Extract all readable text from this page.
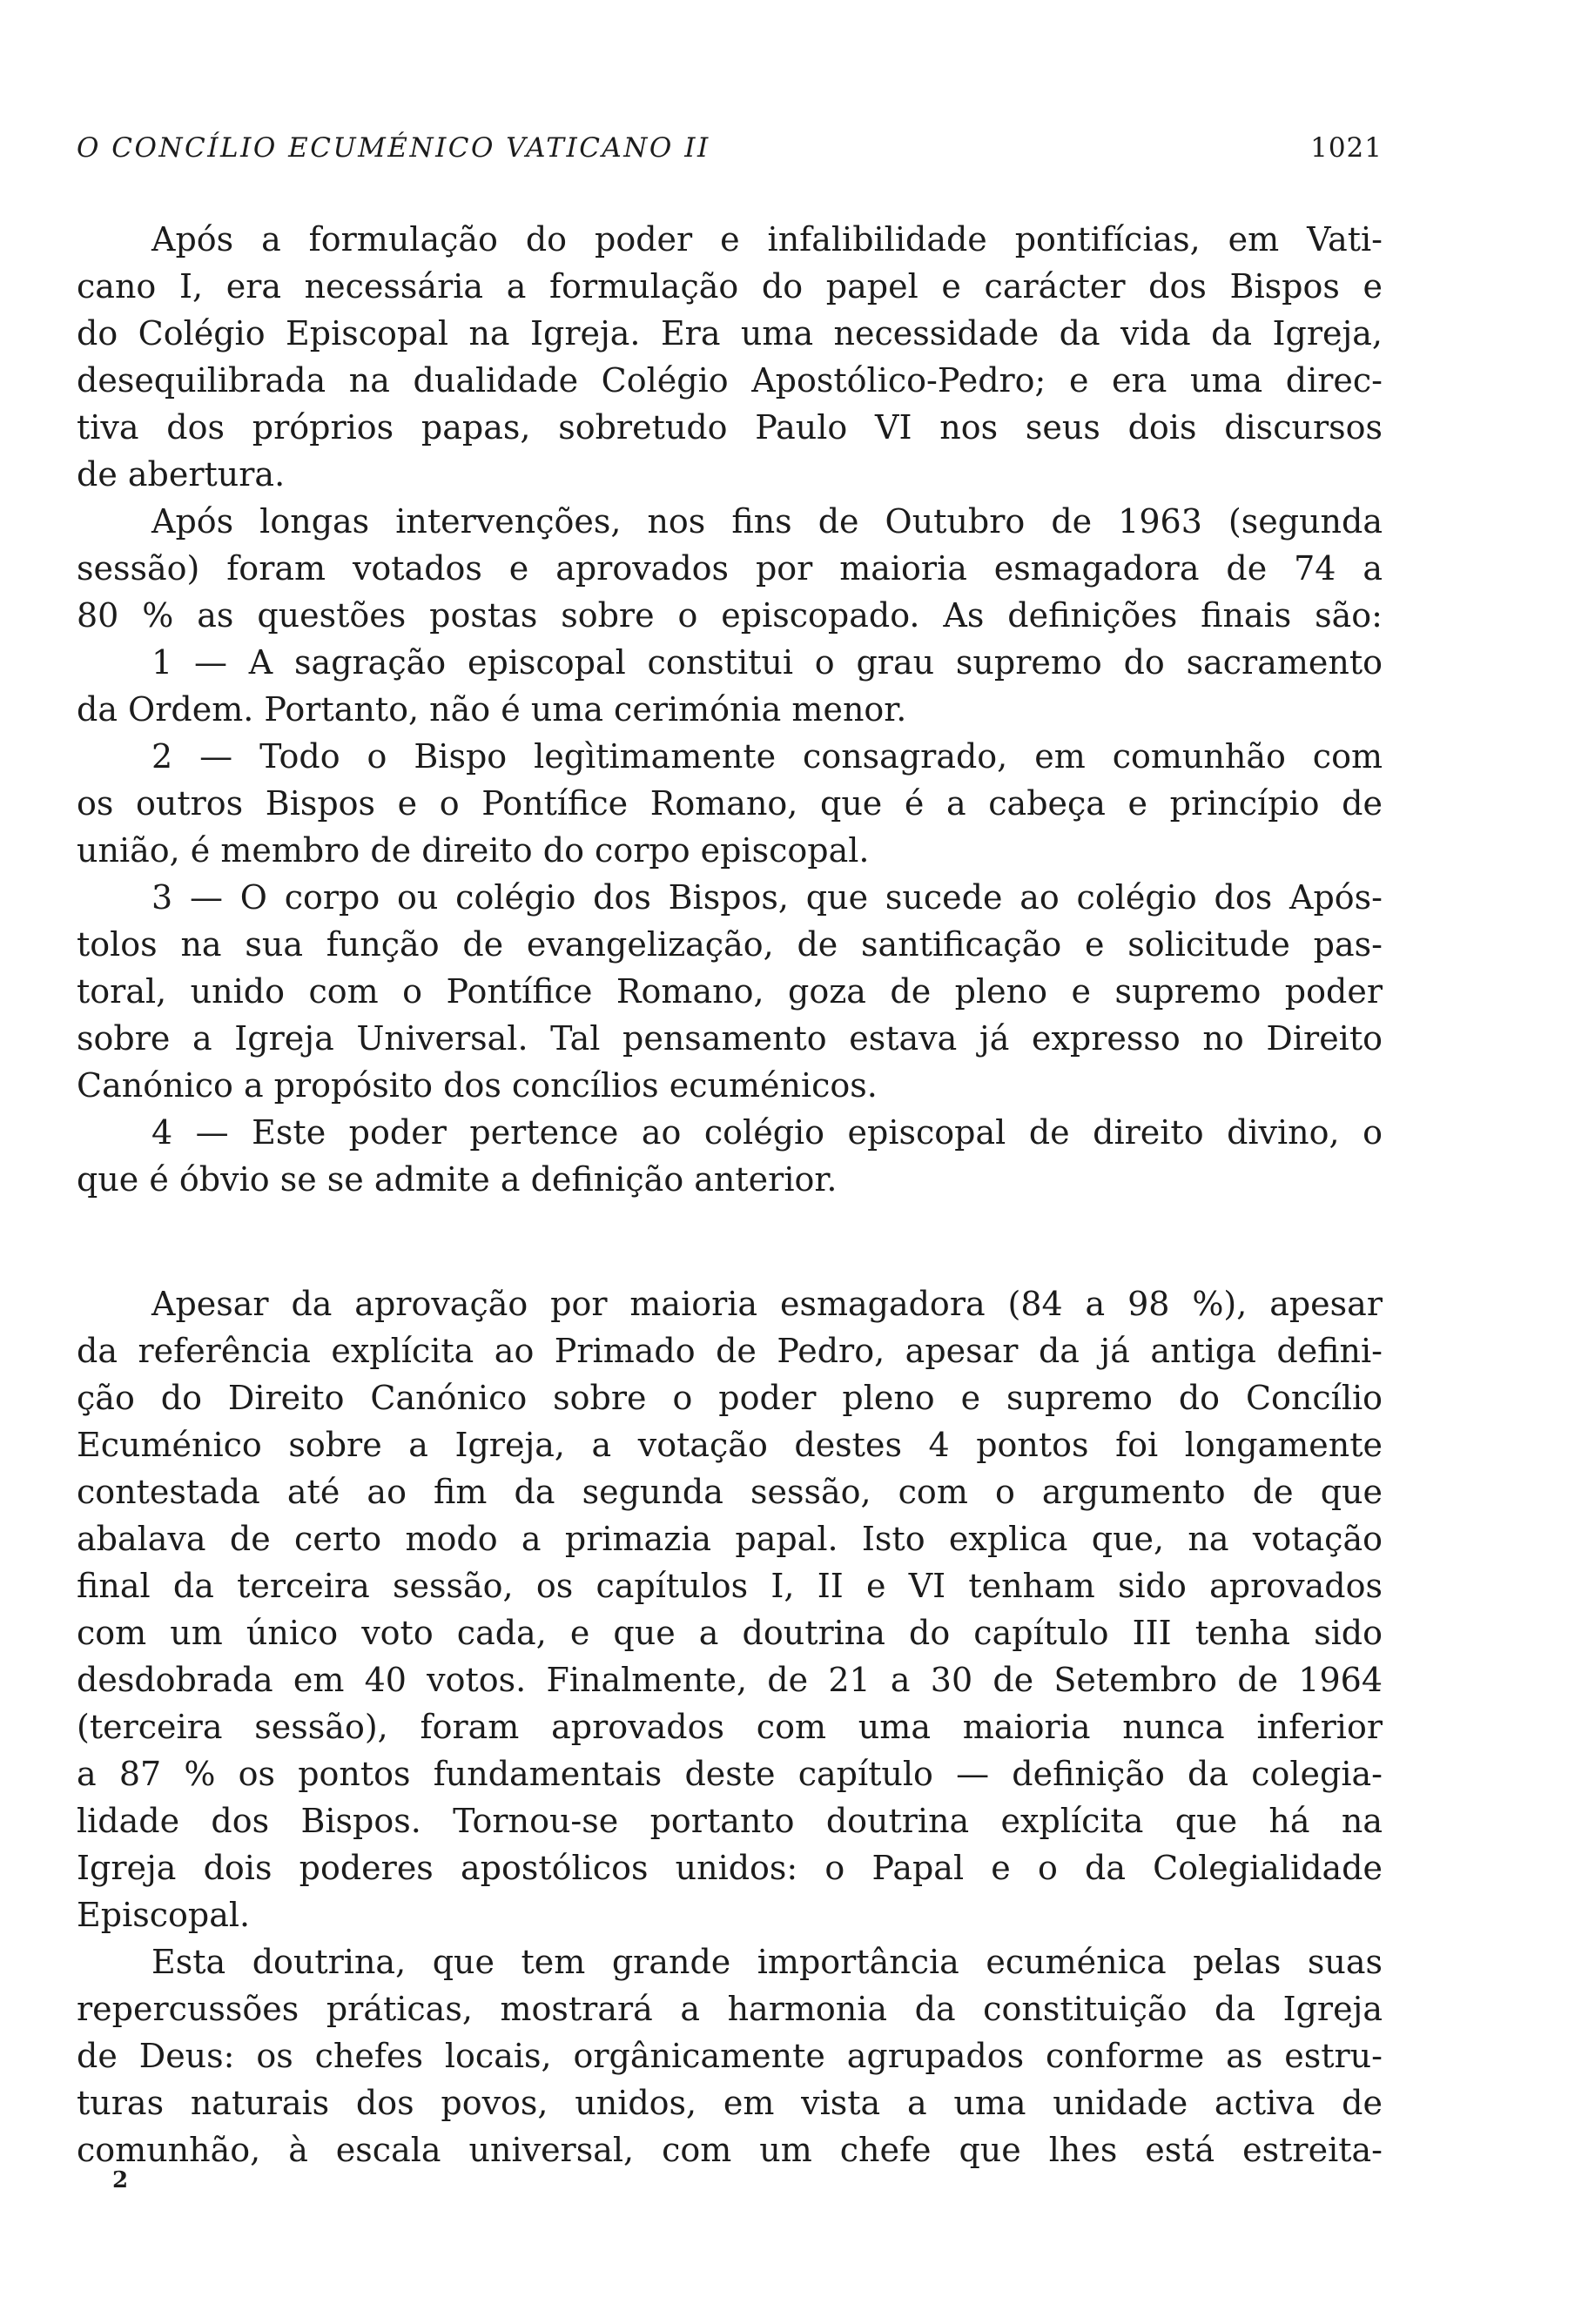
O CONCÍLIO ECUMÉNICO VATICANO II	1021
Após a formulação do poder e infalibilidade pontifícias, em Vati-
cano I, era necessária a formulação do papel e carácter dos Bispos e
do Colégio Episcopal na Igreja. Era uma necessidade da vida da Igreja,
desequilibrada na dualidade Colégio Apostólico-Pedro; e era uma direc-
tiva dos próprios papas, sobretudo Paulo VI nos seus dois discursos
de abertura.
Após longas intervenções, nos fins de Outubro de 1963 (segunda
sessão) foram votados e aprovados por maioria esmagadora de 74 a
80 % as questões postas sobre o episcopado. As definições finais são:
1 — A sagração episcopal constitui o grau supremo do sacramento
da Ordem. Portanto, não é uma cerimónia menor.
2 — Todo o Bispo legìtimamente consagrado, em comunhão com
os outros Bispos e o Pontífice Romano, que é a cabeça e princípio de
união, é membro de direito do corpo episcopal.
3 — O corpo ou colégio dos Bispos, que sucede ao colégio dos Após-
tolos na sua função de evangelização, de santificação e solicitude pas-
toral, unido com o Pontífice Romano, goza de pleno e supremo poder
sobre a Igreja Universal. Tal pensamento estava já expresso no Direito
Canónico a propósito dos concílios ecuménicos.
4 — Este poder pertence ao colégio episcopal de direito divino, o
que é óbvio se se admite a definição anterior.
Apesar da aprovação por maioria esmagadora (84 a 98 %), apesar
da referência explícita ao Primado de Pedro, apesar da já antiga defini-
ção do Direito Canónico sobre o poder pleno e supremo do Concílio
Ecuménico sobre a Igreja, a votação destes 4 pontos foi longamente
contestada até ao fim da segunda sessão, com o argumento de que
abalava de certo modo a primazia papal. Isto explica que, na votação
final da terceira sessão, os capítulos I, II e VI tenham sido aprovados
com um único voto cada, e que a doutrina do capítulo III tenha sido
desdobrada em 40 votos. Finalmente, de 21 a 30 de Setembro de 1964
(terceira sessão), foram aprovados com uma maioria nunca inferior
a 87 % os pontos fundamentais deste capítulo — definição da colegia-
lidade dos Bispos. Tornou-se portanto doutrina explícita que há na
Igreja dois poderes apostólicos unidos: o Papal e o da Colegialidade
Episcopal.
Esta doutrina, que tem grande importância ecuménica pelas suas
repercussões práticas, mostrará a harmonia da constituição da Igreja
de Deus: os chefes locais, orgânicamente agrupados conforme as estru-
turas naturais dos povos, unidos, em vista a uma unidade activa de
comunhão, à escala universal, com um chefe que lhes está estreita-
2
